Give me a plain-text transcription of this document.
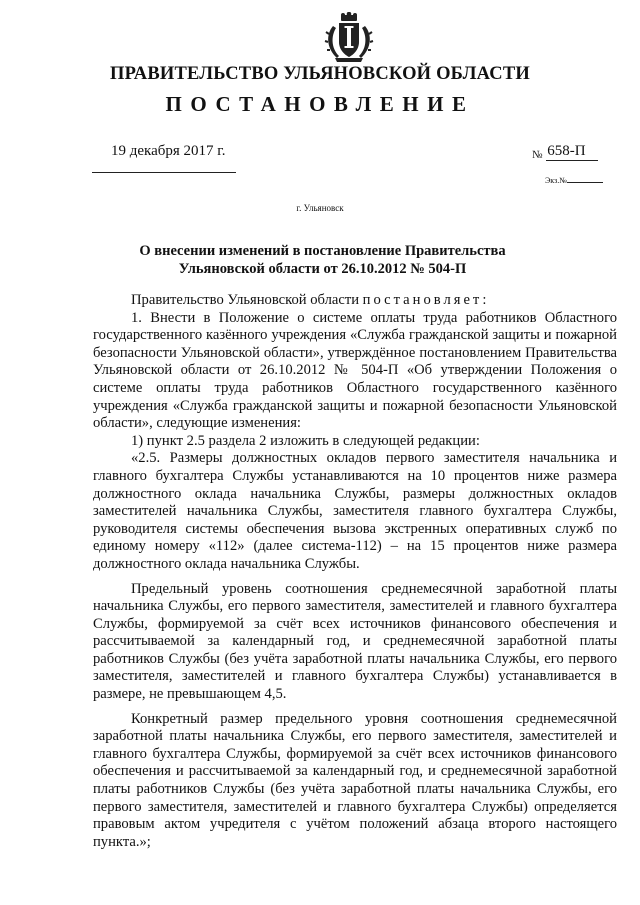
ПРАВИТЕЛЬСТВО УЛЬЯНОВСКОЙ ОБЛАСТИ
ПОСТАНОВЛЕНИЕ
19 декабря 2017 г.	$_№$ 658-П
Экз.№
г. Ульяновск
О внесении изменений в постановление Правительства
Ульяновской области от 26.10.2012 № 504-П

Правительство Ульяновской области постановляет:

1. Внести в Положение о системе оплаты труда работников Областного государственного казённого учреждения «Служба гражданской защиты и пожарной безопасности Ульяновской области», утверждённое постановлением Правительства Ульяновской области от 26.10.2012 № 504-П «Об утверждении Положения о системе оплаты труда работников Областного государственного казённого учреждения «Служба гражданской защиты и пожарной безопасности Ульяновской области», следующие изменения:

1) пункт 2.5 раздела 2 изложить в следующей редакции:

«2.5. Размеры должностных окладов первого заместителя начальника и главного бухгалтера Службы устанавливаются на 10 процентов ниже размера должностного оклада начальника Службы, размеры должностных окладов заместителей начальника Службы, заместителя главного бухгалтера Службы, руководителя системы обеспечения вызова экстренных оперативных служб по единому номеру «112» (далее система-112) – на 15 процентов ниже размера должностного оклада начальника Службы.

Предельный уровень соотношения среднемесячной заработной платы начальника Службы, его первого заместителя, заместителей и главного бухгалтера Службы, формируемой за счёт всех источников финансового обеспечения и рассчитываемой за календарный год, и среднемесячной заработной платы работников Службы (без учёта заработной платы начальника Службы, его первого заместителя, заместителей и главного бухгалтера Службы) устанавливается в размере, не превышающем 4,5.

Конкретный размер предельного уровня соотношения среднемесячной заработной платы начальника Службы, его первого заместителя, заместителей и главного бухгалтера Службы, формируемой за счёт всех источников финансового обеспечения и рассчитываемой за календарный год, и среднемесячной заработной платы работников Службы (без учёта заработной платы начальника Службы, его первого заместителя, заместителей и главного бухгалтера Службы) определяется правовым актом учредителя с учётом положений абзаца второго настоящего пункта.»;
